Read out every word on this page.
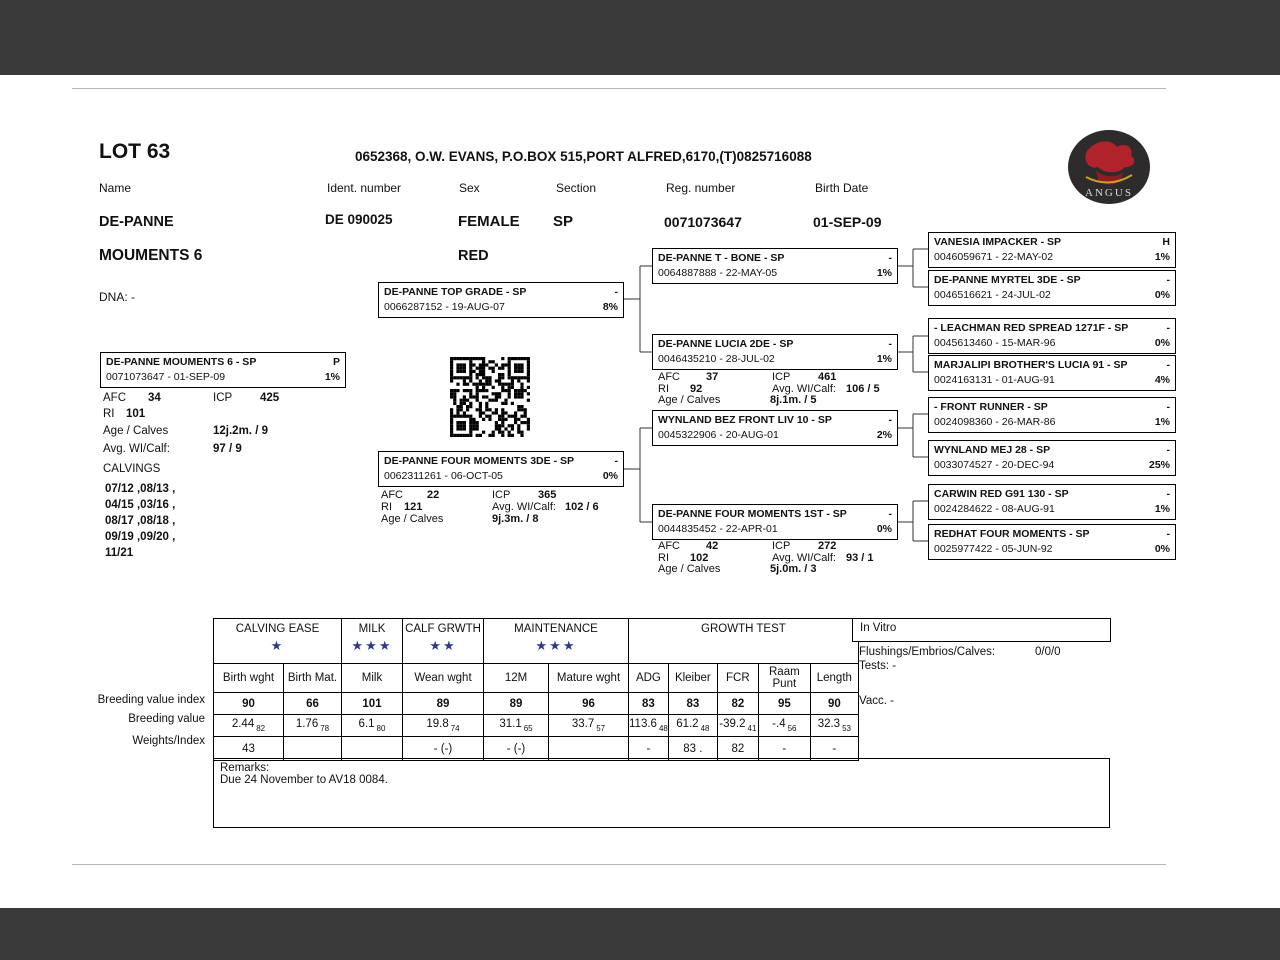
LOT 63	0652368, O.W. EVANS, P.O.BOX 515,PORT ALFRED,6170,(T)0825716088
ANGUS
Name	Ident. number	Sex	Section	Reg. number	Birth Date
DE-PANNE	DE 090025	FEMALE SP	0071073647	01-SEP-09
MOUMENTS 6	RED
DNA: -
DE-PANNE MOUMENTS 6 - SP	P
0071073647 - 01-SEP-09	1%
AFC 34	ICP 425
RI 101
Age / Calves	12j.2m. / 9
Avg. WI/Calf:	97 / 9
CALVINGS
07/12 ,08/13 ,
04/15 ,03/16 ,
08/17 ,08/18 ,
09/19 ,09/20 ,
11/21
DE-PANNE TOP GRADE - SP	-
0066287152 - 19-AUG-07	8%
DE-PANNE FOUR MOMENTS 3DE - SP	-
0062311261 - 06-OCT-05	0%
AFC 22	ICP	365
RI 121	Avg. WI/Calf: 102 / 6
Age / Calves	9j.3m. / 8
DE-PANNE T - BONE - SP	-
0064887888 - 22-MAY-05	1%
DE-PANNE LUCIA 2DE - SP	-
0046435210 - 28-JUL-02	1%
AFC 37	ICP	461
RI 92	Avg. WI/Calf: 106 / 5
Age / Calves	8j.1m. / 5
WYNLAND BEZ FRONT LIV 10 - SP	-
0045322906 - 20-AUG-01	2%
DE-PANNE FOUR MOMENTS 1ST - SP	-
0044835452 - 22-APR-01	0%
AFC 42	ICP	272
RI 102	Avg. WI/Calf: 93 / 1
Age / Calves	5j.0m. / 3
VANESIA IMPACKER - SP	H
0046059671 - 22-MAY-02	1%
DE-PANNE MYRTEL 3DE - SP	-
0046516621 - 24-JUL-02	0%
- LEACHMAN RED SPREAD 1271F - SP	-
0045613460 - 15-MAR-96	0%
MARJALIPI BROTHER'S LUCIA 91 - SP	-
0024163131 - 01-AUG-91	4%
- FRONT RUNNER - SP	-
0024098360 - 26-MAR-86	1%
WYNLAND MEJ 28 - SP	-
0033074527 - 20-DEC-94	25%
CARWIN RED G91 130 - SP	-
0024284622 - 08-AUG-91	1%
REDHAT FOUR MOMENTS - SP	-
0025977422 - 05-JUN-92	0%
Breeding value index
Breeding value
Weights/Index
CALVING EASE
★

MILK
★★★

CALF GRWTH
★★

MAINTENANCE
★★★

GROWTH TEST

Birth wght	Birth Mat.	Milk	Wean wght	12M	Mature wght	ADG	Kleiber	FCR	Raam Punt	Length
90	66	101	89	89	96	83	83	82	95	90
2.44 $_{82}$	1.76 $_{78}$	6.1 $_{80}$	19.8 $_{74}$	31.1 $_{65}$	33.7 $_{57}$	113.6 $_{48}$	61.2 $_{48}$	-39.2 $_{41}$	-.4 $_{56}$	32.3 $_{53}$
43			- (-)	- (-)		-	83 .	82	-	-
In Vitro
Flushings/Embrios/Calves:	0/0/0
Tests: -
Vacc. -
Remarks:
Due 24 November to AV18 0084.
